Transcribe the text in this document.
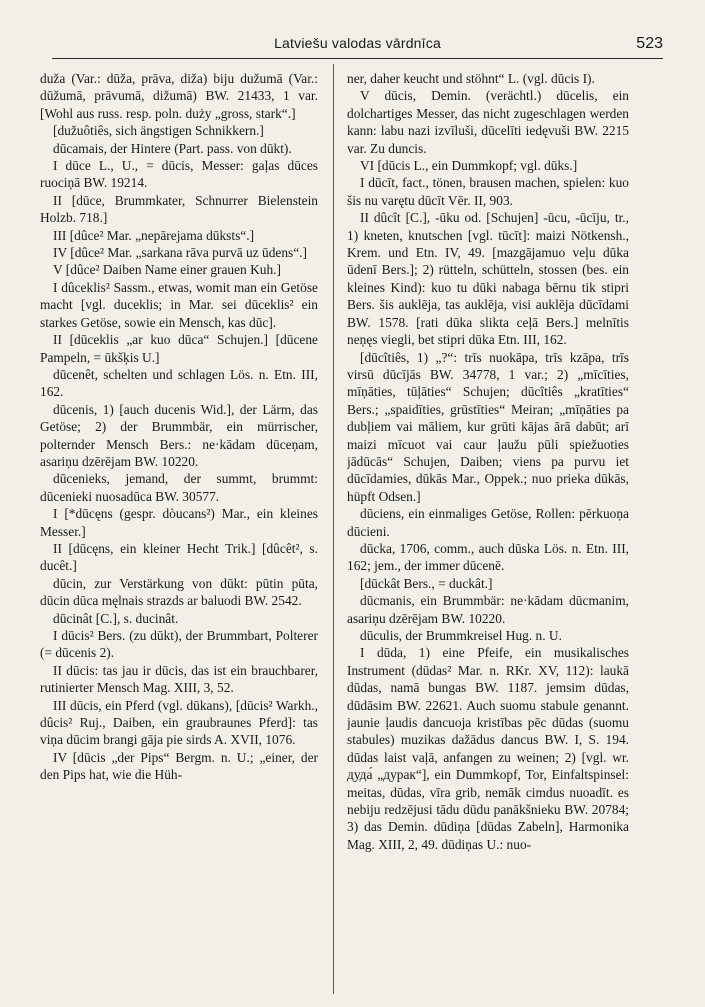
Latviešu valodas vārdnīca	523

duža (Var.: dūža, prāva, diža) biju dužumā (Var.: dūžumā, prāvumā, dižumā) BW. 21433, 1 var. [Wohl aus russ. resp. poln. duży „gross, stark“.]

[dužuôtiês, sich ängstigen Schnikkern.]

dūcamais, der Hintere (Part. pass. von dūkt).

I dūce L., U., = dūcis, Messer: gaļas dūces ruociņā BW. 19214.

II [dūce, Brummkater, Schnurrer Bielenstein Holzb. 718.]

III [dûce² Mar. „nepārejama dūksts“.]

IV [dûce² Mar. „sarkana rāva purvā uz ūdens“.]

V [dûce² Daiben Name einer grauen Kuh.]

I dûceklis² Sassm., etwas, womit man ein Getöse macht [vgl. duceklis; in Mar. sei dūceklis² ein starkes Getöse, sowie ein Mensch, kas dūc].

II [dūceklis „ar kuo dūca“ Schujen.] [dūcene Pampeln, = ūkšķis U.]

dūcenêt, schelten und schlagen Lös. n. Etn. III, 162.

dūcenis, 1) [auch ducenis Wid.], der Lärm, das Getöse; 2) der Brummbär, ein mürrischer, polternder Mensch Bers.: ne·kādam dūceņam, asariņu dzērējam BW. 10220.

dūcenieks, jemand, der summt, brummt: dūcenieki nuosadūca BW. 30577.

I [*dūcęns (gespr. dòucans²) Mar., ein kleines Messer.]

II [dūcęns, ein kleiner Hecht Trik.] [dûcêt², s. ducêt.]

dūcin, zur Verstärkung von dūkt: pūtin pūta, dūcin dūca męlnais strazds ar baluodi BW. 2542.

dūcinât [C.], s. ducinât.

I dūcis² Bers. (zu dūkt), der Brummbart, Polterer (= dūcenis 2).

II dūcis: tas jau ir dūcis, das ist ein brauchbarer, rutinierter Mensch Mag. XIII, 3, 52.

III dūcis, ein Pferd (vgl. dūkans), [dūcis² Warkh., dûcis² Ruj., Daiben, ein graubraunes Pferd]: tas viņa dūcim brangi gāja pie sirds A. XVII, 1076.

IV [dūcis „der Pips“ Bergm. n. U.; „einer, der den Pips hat, wie die Hüh-

ner, daher keucht und stöhnt“ L. (vgl. dūcis I).

V dūcis, Demin. (verächtl.) dūcelis, ein dolchartiges Messer, das nicht zugeschlagen werden kann: labu nazi izvīluši, dūcelīti iedęvuši BW. 2215 var. Zu duncis.

VI [dūcis L., ein Dummkopf; vgl. dūks.]

I dūcīt, fact., tönen, brausen machen, spielen: kuo šis nu varętu dūcīt Vēr. II, 903.

II dûcît [C.], -ūku od. [Schujen] -ūcu, -ūcīju, tr., 1) kneten, knutschen [vgl. tūcīt]: maizi Nötkensh., Krem. und Etn. IV, 49. [mazgājamuo veļu dūka ūdenī Bers.]; 2) rütteln, schütteln, stossen (bes. ein kleines Kind): kuo tu dūki nabaga bērnu tik stipri Bers. šis auklēja, tas auklēja, visi auklēja dūcīdami BW. 1578. [rati dūka slikta ceļā Bers.] melnītis neņęs viegli, bet stipri dūka Etn. III, 162.

[dūcîtiês, 1) „?“: trīs nuokāpa, trīs kzāpa, trīs virsū dūcījās BW. 34778, 1 var.; 2) „mīcīties, mīņāties, tūļāties“ Schujen; dūcîtiês „kratīties“ Bers.; „spaidīties, grūstīties“ Meiran; „mīņāties pa dubļiem vai māliem, kur grūti kājas ārā dabūt; arī maizi mīcuot vai caur ļaužu pūli spiežuoties jādūcās“ Schujen, Daiben; viens pa purvu iet dūcīdamies, dūkās Mar., Oppek.; nuo prieka dūkās, hüpft Odsen.]

dūciens, ein einmaliges Getöse, Rollen: pērkuoņa dūcieni.

dūcka, 1706, comm., auch dūska Lös. n. Etn. III, 162; jem., der immer dūcenē.

[dūckât Bers., = duckât.]

dūcmanis, ein Brummbär: ne·kādam dūcmanim, asariņu dzērējam BW. 10220.

dūculis, der Brummkreisel Hug. n. U.

I dūda, 1) eine Pfeife, ein musikalisches Instrument (dūdas² Mar. n. RKr. XV, 112): laukā dūdas, namā bungas BW. 1187. jemsim dūdas, dūdāsim BW. 22621. Auch suomu stabule genannt. jaunie ļaudis dancuoja kristības pēc dūdas (suomu stabules) muzikas dažādus dancus BW. I, S. 194. dūdas laist vaļā, anfangen zu weinen; 2) [vgl. wr. дуда́ „дурак“], ein Dummkopf, Tor, Einfaltspinsel: meitas, dūdas, vīra grib, nemāk cimdus nuoadīt. es nebiju redzējusi tādu dūdu panākšnieku BW. 20784; 3) das Demin. dūdiņa [dūdas Zabeln], Harmonika Mag. XIII, 2, 49. dūdiņas U.: nuo-
